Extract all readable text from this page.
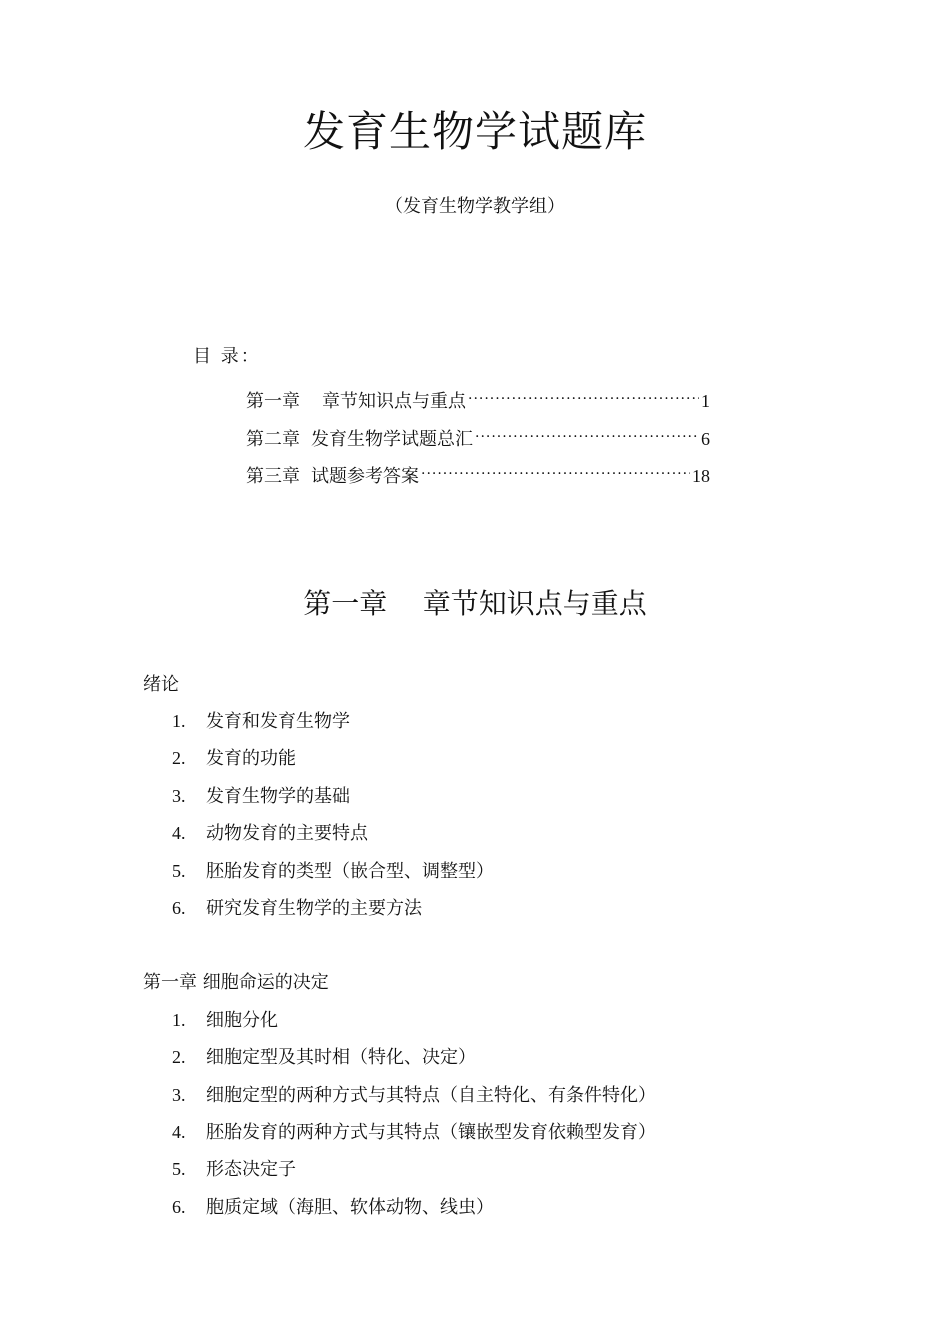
发育生物学试题库
（发育生物学教学组）
目 录：
第一章 章节知识点与重点 .....	1
第二章 发育生物学试题总汇 .....	6
第三章 试题参考答案 .....	18
第一章    章节知识点与重点
绪论
1. 发育和发育生物学
2. 发育的功能
3. 发育生物学的基础
4. 动物发育的主要特点
5. 胚胎发育的类型（嵌合型、调整型）
6. 研究发育生物学的主要方法
第一章 细胞命运的决定
1. 细胞分化
2. 细胞定型及其时相（特化、决定）
3. 细胞定型的两种方式与其特点（自主特化、有条件特化）
4. 胚胎发育的两种方式与其特点（镶嵌型发育依赖型发育）
5. 形态决定子
6. 胞质定域（海胆、软体动物、线虫）
